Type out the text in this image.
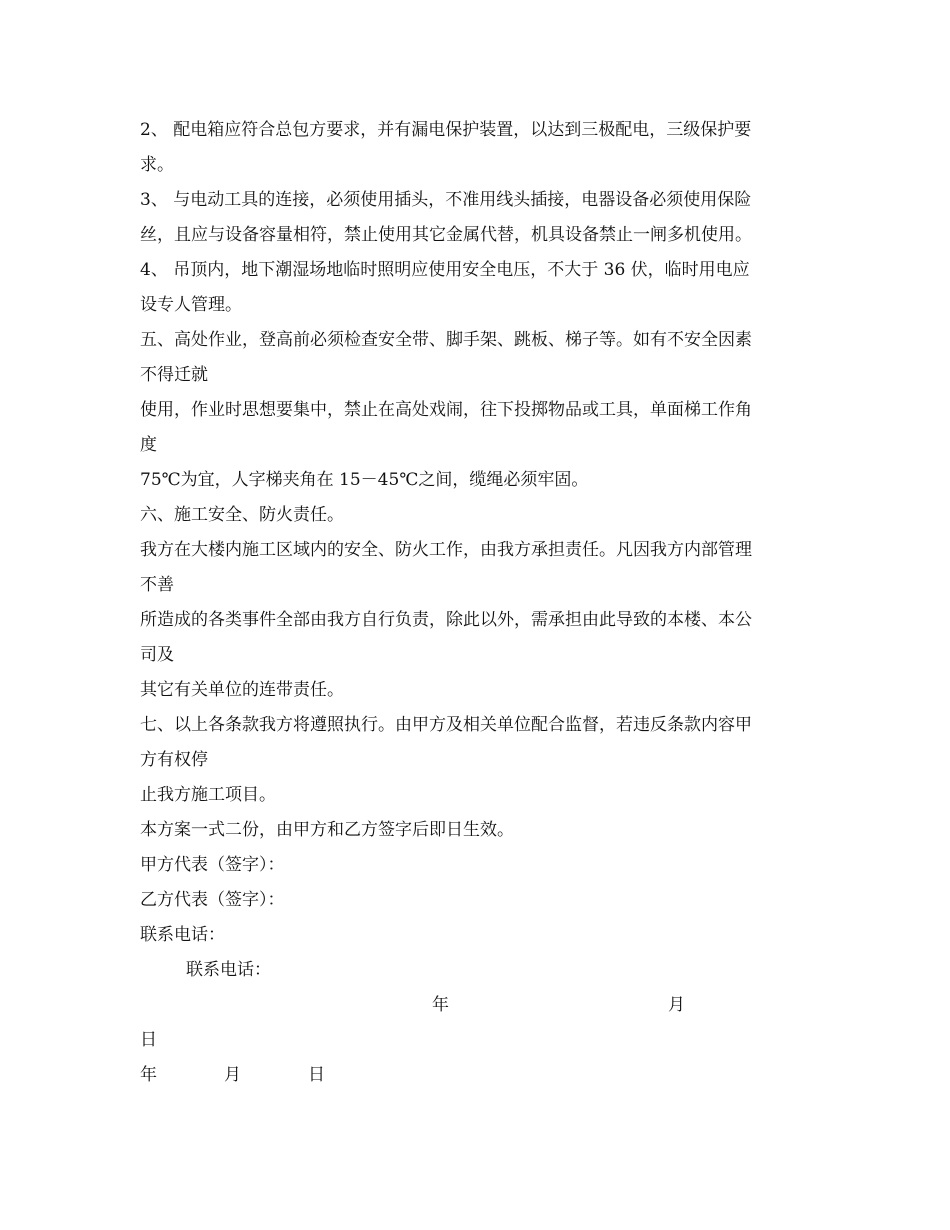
2、 配电箱应符合总包方要求，并有漏电保护装置，以达到三极配电，三级保护要
求。
3、 与电动工具的连接，必须使用插头，不准用线头插接，电器设备必须使用保险
丝，且应与设备容量相符，禁止使用其它金属代替，机具设备禁止一闸多机使用。
4、 吊顶内，地下潮湿场地临时照明应使用安全电压，不大于 36 伏，临时用电应
设专人管理。
五、高处作业，登高前必须检查安全带、脚手架、跳板、梯子等。如有不安全因素
不得迁就
使用，作业时思想要集中，禁止在高处戏闹，往下投掷物品或工具，单面梯工作角
度
75℃为宜，人字梯夹角在 15－45℃之间，缆绳必须牢固。
六、施工安全、防火责任。
我方在大楼内施工区域内的安全、防火工作，由我方承担责任。凡因我方内部管理
不善
所造成的各类事件全部由我方自行负责，除此以外，需承担由此导致的本楼、本公
司及
其它有关单位的连带责任。
七、以上各条款我方将遵照执行。由甲方及相关单位配合监督，若违反条款内容甲
方有权停
止我方施工项目。
本方案一式二份，由甲方和乙方签字后即日生效。
甲方代表（签字）：
乙方代表（签字）：
联系电话：
联系电话：
年	月
日
年	月	日
